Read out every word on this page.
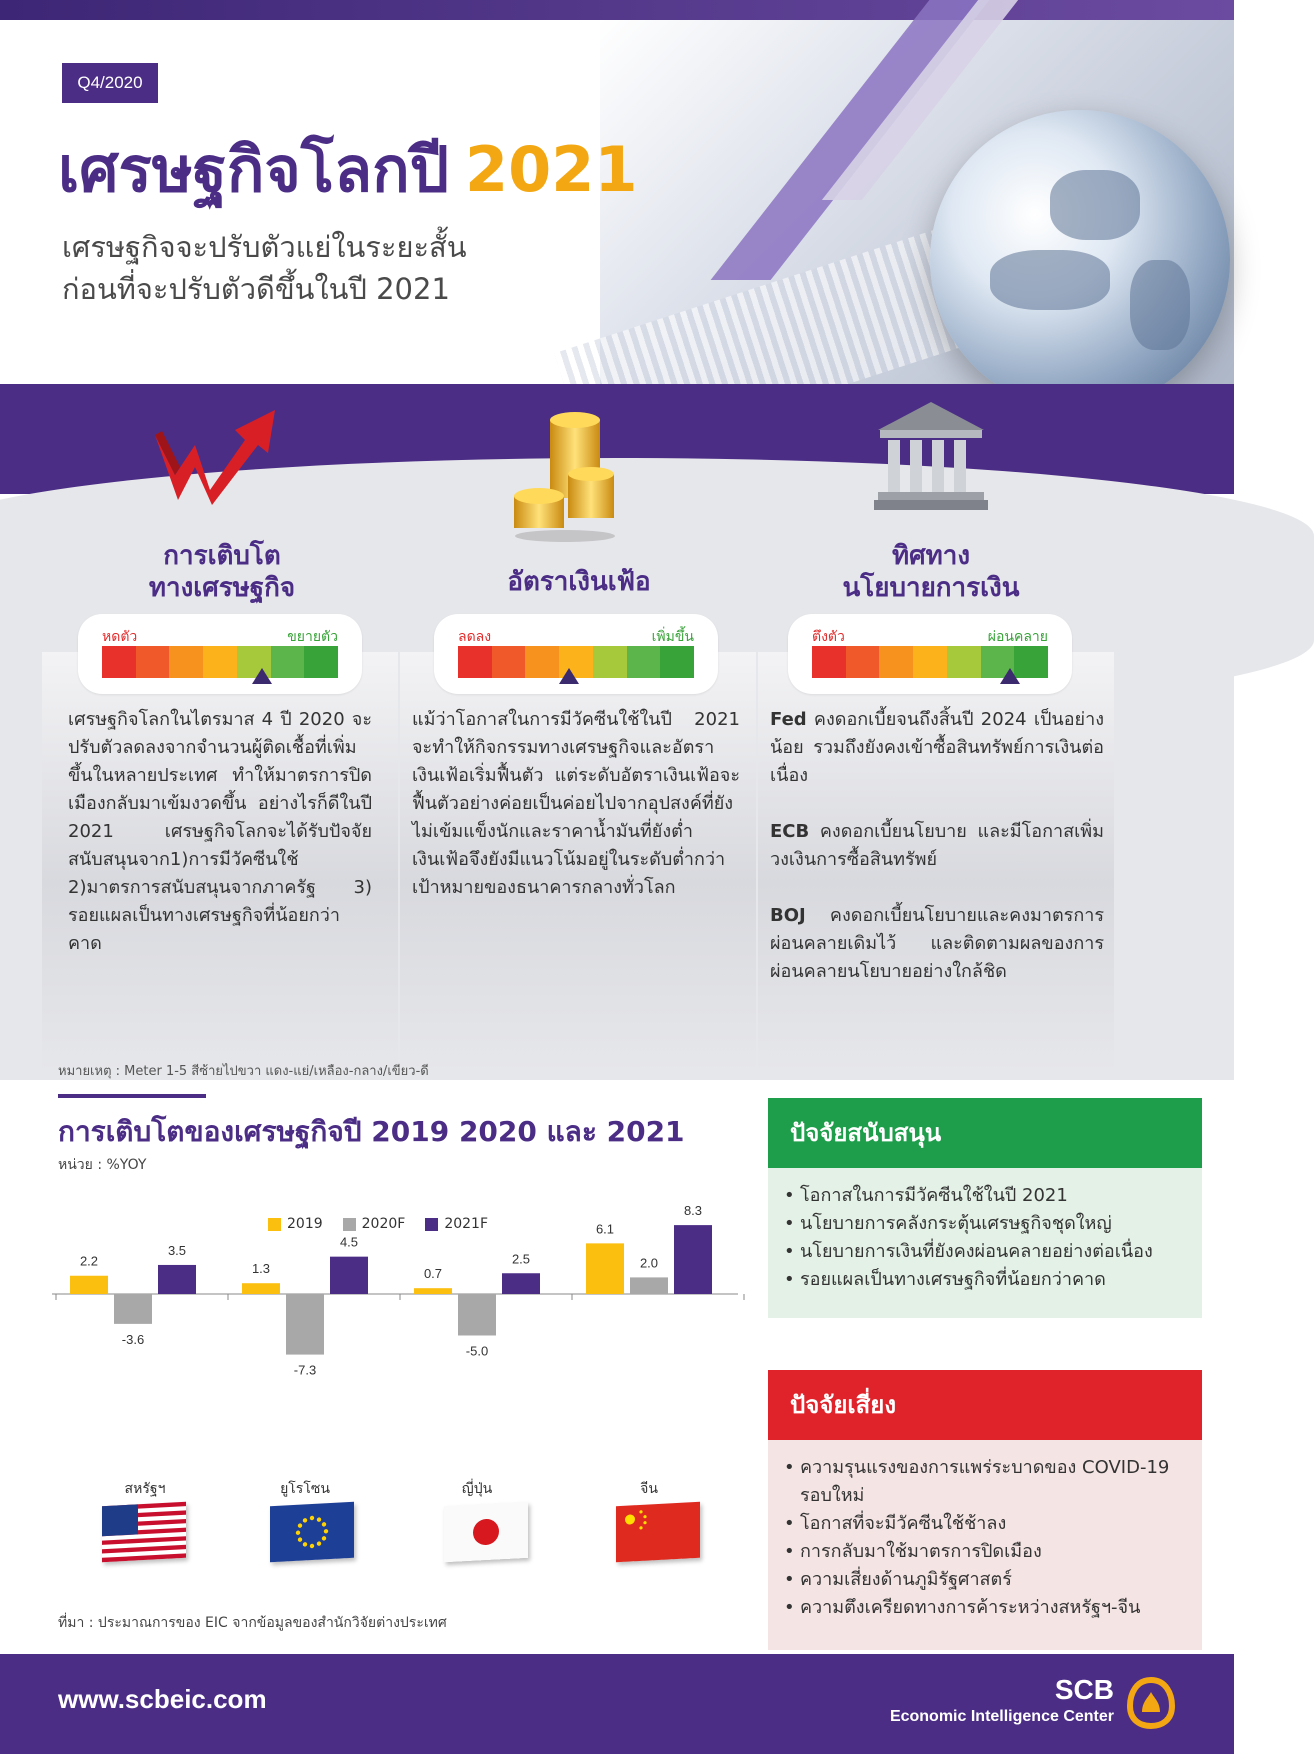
Q4/2020
เศรษฐกิจโลกปี 2021
เศรษฐกิจจะปรับตัวแย่ในระยะสั้น
ก่อนที่จะปรับตัวดีขึ้นในปี 2021
การเติบโต
ทางเศรษฐกิจ	อัตราเงินเฟ้อ
ทิศทาง
นโยบายการเงิน
หดตัว	ขยายตัว	ลดลง	เพิ่มขึ้น	ตึงตัว	ผ่อนคลาย
เศรษฐกิจโลกในไตรมาส 4 ปี 2020 จะปรับตัวลดลงจากจำนวนผู้ติดเชื้อที่เพิ่มขึ้นในหลายประเทศ ทำให้มาตรการปิดเมืองกลับมาเข้มงวดขึ้น อย่างไรก็ดีในปี 2021 เศรษฐกิจโลกจะได้รับปัจจัยสนับสนุนจาก1)การมีวัคซีนใช้ 2)มาตรการสนับสนุนจากภาครัฐ 3) รอยแผลเป็นทางเศรษฐกิจที่น้อยกว่าคาด
แม้ว่าโอกาสในการมีวัคซีนใช้ในปี 2021 จะทำให้กิจกรรมทางเศรษฐกิจและอัตราเงินเฟ้อเริ่มฟื้นตัว แต่ระดับอัตราเงินเฟ้อจะฟื้นตัวอย่างค่อยเป็นค่อยไปจากอุปสงค์ที่ยังไม่เข้มแข็งนักและราคาน้ำมันที่ยังต่ำ เงินเฟ้อจึงยังมีแนวโน้มอยู่ในระดับต่ำกว่าเป้าหมายของธนาคารกลางทั่วโลก

Fed คงดอกเบี้ยจนถึงสิ้นปี 2024 เป็นอย่างน้อย รวมถึงยังคงเข้าซื้อสินทรัพย์การเงินต่อเนื่อง

ECB คงดอกเบี้ยนโยบาย และมีโอกาสเพิ่มวงเงินการซื้อสินทรัพย์

BOJ คงดอกเบี้ยนโยบายและคงมาตรการผ่อนคลายเดิมไว้ และติดตามผลของการผ่อนคลายนโยบายอย่างใกล้ชิด

หมายเหตุ : Meter 1-5 สีซ้ายไปขวา แดง-แย่/เหลือง-กลาง/เขียว-ดี
การเติบโตของเศรษฐกิจปี 2019 2020 และ 2021
หน่วย : %YOY
2019	2020F	2021F
2.2
-3.6
3.5
1.3
-7.3
4.5
0.7
-5.0
2.5
6.1
2.0
8.3
สหรัฐฯ	ยูโรโซน	ญี่ปุ่น	จีน
ที่มา : ประมาณการของ EIC จากข้อมูลของสำนักวิจัยต่างประเทศ
ปัจจัยสนับสนุน
• โอกาสในการมีวัคซีนใช้ในปี 2021
• นโยบายการคลังกระตุ้นเศรษฐกิจชุดใหญ่
• นโยบายการเงินที่ยังคงผ่อนคลายอย่างต่อเนื่อง
• รอยแผลเป็นทางเศรษฐกิจที่น้อยกว่าคาด
ปัจจัยเสี่ยง
• ความรุนแรงของการแพร่ระบาดของ COVID-19 รอบใหม่
• โอกาสที่จะมีวัคซีนใช้ช้าลง
• การกลับมาใช้มาตรการปิดเมือง
• ความเสี่ยงด้านภูมิรัฐศาสตร์
• ความตึงเครียดทางการค้าระหว่างสหรัฐฯ-จีน
www.scbeic.com	SCB
Economic Intelligence Center
